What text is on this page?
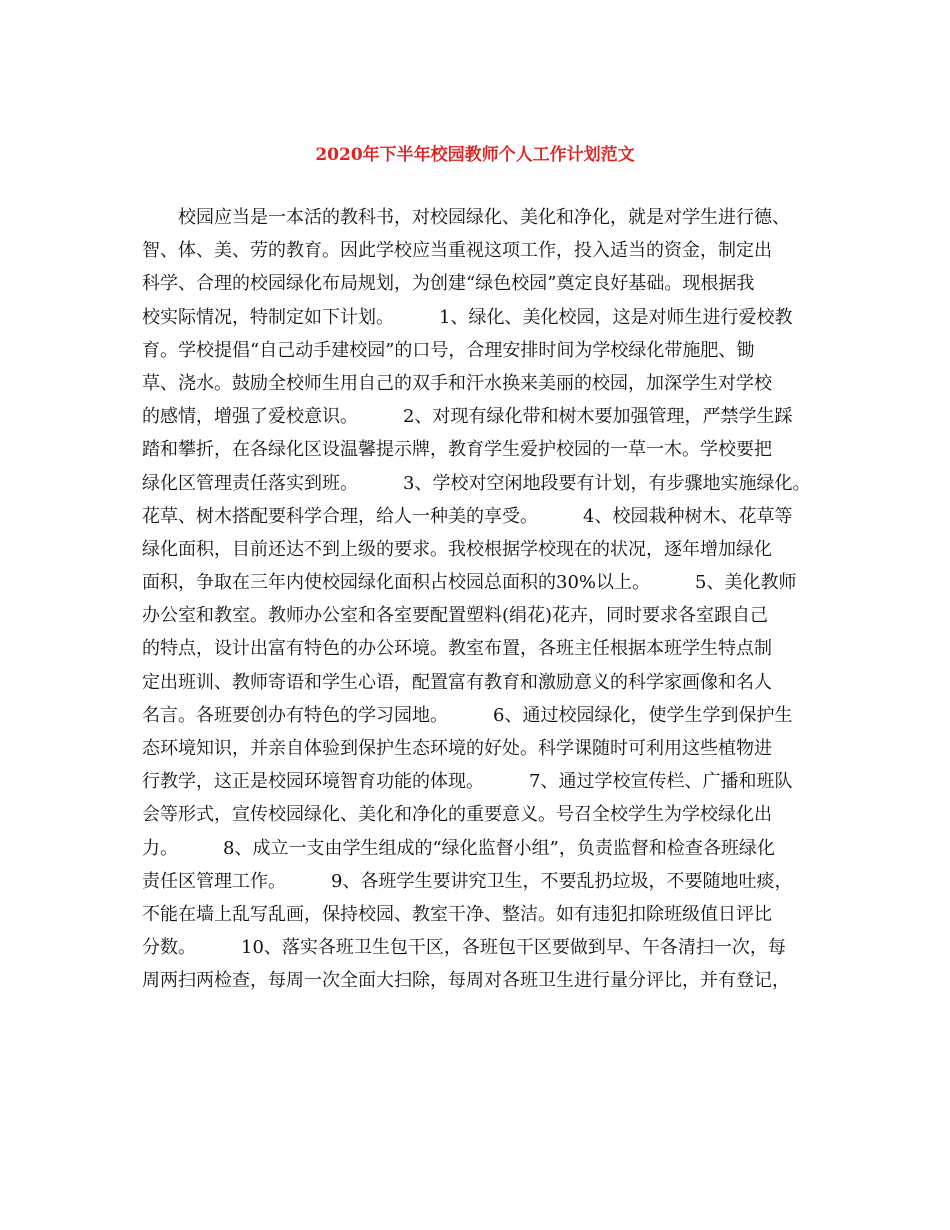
2020年下半年校园教师个人工作计划范文
　　校园应当是一本活的教科书，对校园绿化、美化和净化，就是对学生进行德、
智、体、美、劳的教育。因此学校应当重视这项工作，投入适当的资金，制定出
科学、合理的校园绿化布局规划，为创建“绿色校园”奠定良好基础。现根据我
校实际情况，特制定如下计划。　　　1、绿化、美化校园，这是对师生进行爱校教
育。学校提倡“自己动手建校园”的口号，合理安排时间为学校绿化带施肥、锄
草、浇水。鼓励全校师生用自己的双手和汗水换来美丽的校园，加深学生对学校
的感情，增强了爱校意识。　　　2、对现有绿化带和树木要加强管理，严禁学生踩
踏和攀折，在各绿化区设温馨提示牌，教育学生爱护校园的一草一木。学校要把
绿化区管理责任落实到班。　　　3、学校对空闲地段要有计划，有步骤地实施绿化。
花草、树木搭配要科学合理，给人一种美的享受。　　　4、校园栽种树木、花草等
绿化面积，目前还达不到上级的要求。我校根据学校现在的状况，逐年增加绿化
面积，争取在三年内使校园绿化面积占校园总面积的30%以上。　　　5、美化教师
办公室和教室。教师办公室和各室要配置塑料(绢花)花卉，同时要求各室跟自己
的特点，设计出富有特色的办公环境。教室布置，各班主任根据本班学生特点制
定出班训、教师寄语和学生心语，配置富有教育和激励意义的科学家画像和名人
名言。各班要创办有特色的学习园地。　　　6、通过校园绿化，使学生学到保护生
态环境知识，并亲自体验到保护生态环境的好处。科学课随时可利用这些植物进
行教学，这正是校园环境智育功能的体现。　　　7、通过学校宣传栏、广播和班队
会等形式，宣传校园绿化、美化和净化的重要意义。号召全校学生为学校绿化出
力。　　　8、成立一支由学生组成的“绿化监督小组”，负责监督和检查各班绿化
责任区管理工作。　　　9、各班学生要讲究卫生，不要乱扔垃圾，不要随地吐痰，
不能在墙上乱写乱画，保持校园、教室干净、整洁。如有违犯扣除班级值日评比
分数。　　　10、落实各班卫生包干区，各班包干区要做到早、午各清扫一次，每
周两扫两检查，每周一次全面大扫除，每周对各班卫生进行量分评比，并有登记，
